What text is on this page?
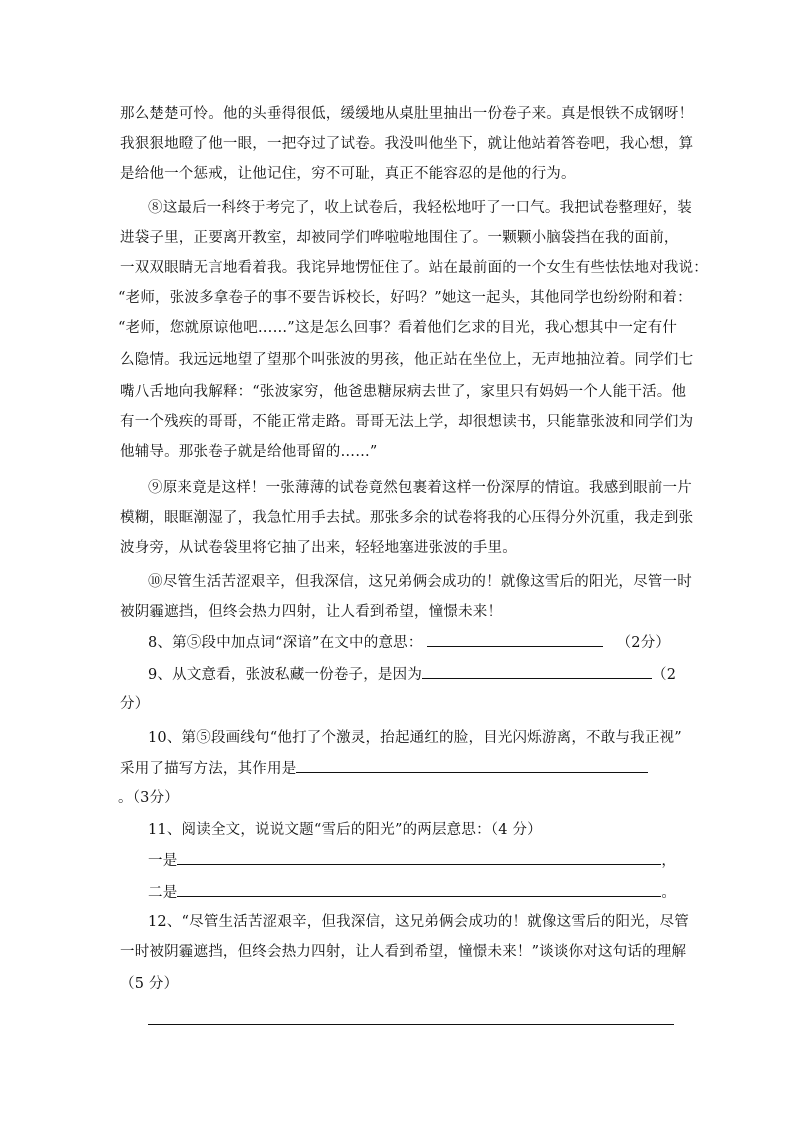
那么楚楚可怜。他的头垂得很低，缓缓地从桌肚里抽出一份卷子来。真是恨铁不成钢呀！
我狠狠地瞪了他一眼，一把夺过了试卷。我没叫他坐下，就让他站着答卷吧，我心想，算
是给他一个惩戒，让他记住，穷不可耻，真正不能容忍的是他的行为。
⑧这最后一科终于考完了，收上试卷后，我轻松地吁了一口气。我把试卷整理好，装
进袋子里，正要离开教室，却被同学们哗啦啦地围住了。一颗颗小脑袋挡在我的面前，
一双双眼睛无言地看着我。我诧异地愣怔住了。站在最前面的一个女生有些怯怯地对我说：
“老师，张波多拿卷子的事不要告诉校长，好吗？”她这一起头，其他同学也纷纷附和着：
“老师，您就原谅他吧……”这是怎么回事？看着他们乞求的目光，我心想其中一定有什
么隐情。我远远地望了望那个叫张波的男孩，他正站在坐位上，无声地抽泣着。同学们七
嘴八舌地向我解释：“张波家穷，他爸患糖尿病去世了，家里只有妈妈一个人能干活。他
有一个残疾的哥哥，不能正常走路。哥哥无法上学，却很想读书，只能靠张波和同学们为
他辅导。那张卷子就是给他哥留的……”
⑨原来竟是这样！一张薄薄的试卷竟然包裹着这样一份深厚的情谊。我感到眼前一片
模糊，眼眶潮湿了，我急忙用手去拭。那张多余的试卷将我的心压得分外沉重，我走到张
波身旁，从试卷袋里将它抽了出来，轻轻地塞进张波的手里。
⑩尽管生活苦涩艰辛，但我深信，这兄弟俩会成功的！就像这雪后的阳光，尽管一时
被阴霾遮挡，但终会热力四射，让人看到希望，憧憬未来！
8、第⑤段中加点词“深谙”在文中的意思：	（2分）
9、从文意看，张波私藏一份卷子，是因为	（2
分）
10、第⑤段画线句“他打了个激灵，抬起通红的脸，目光闪烁游离，不敢与我正视”
采用了描写方法，其作用是
。（3分）
11、阅读全文，说说文题“雪后的阳光”的两层意思：（4 分）
一是	，
二是	。
12、“尽管生活苦涩艰辛，但我深信，这兄弟俩会成功的！就像这雪后的阳光，尽管
一时被阴霾遮挡，但终会热力四射，让人看到希望，憧憬未来！”谈谈你对这句话的理解
（5 分）
